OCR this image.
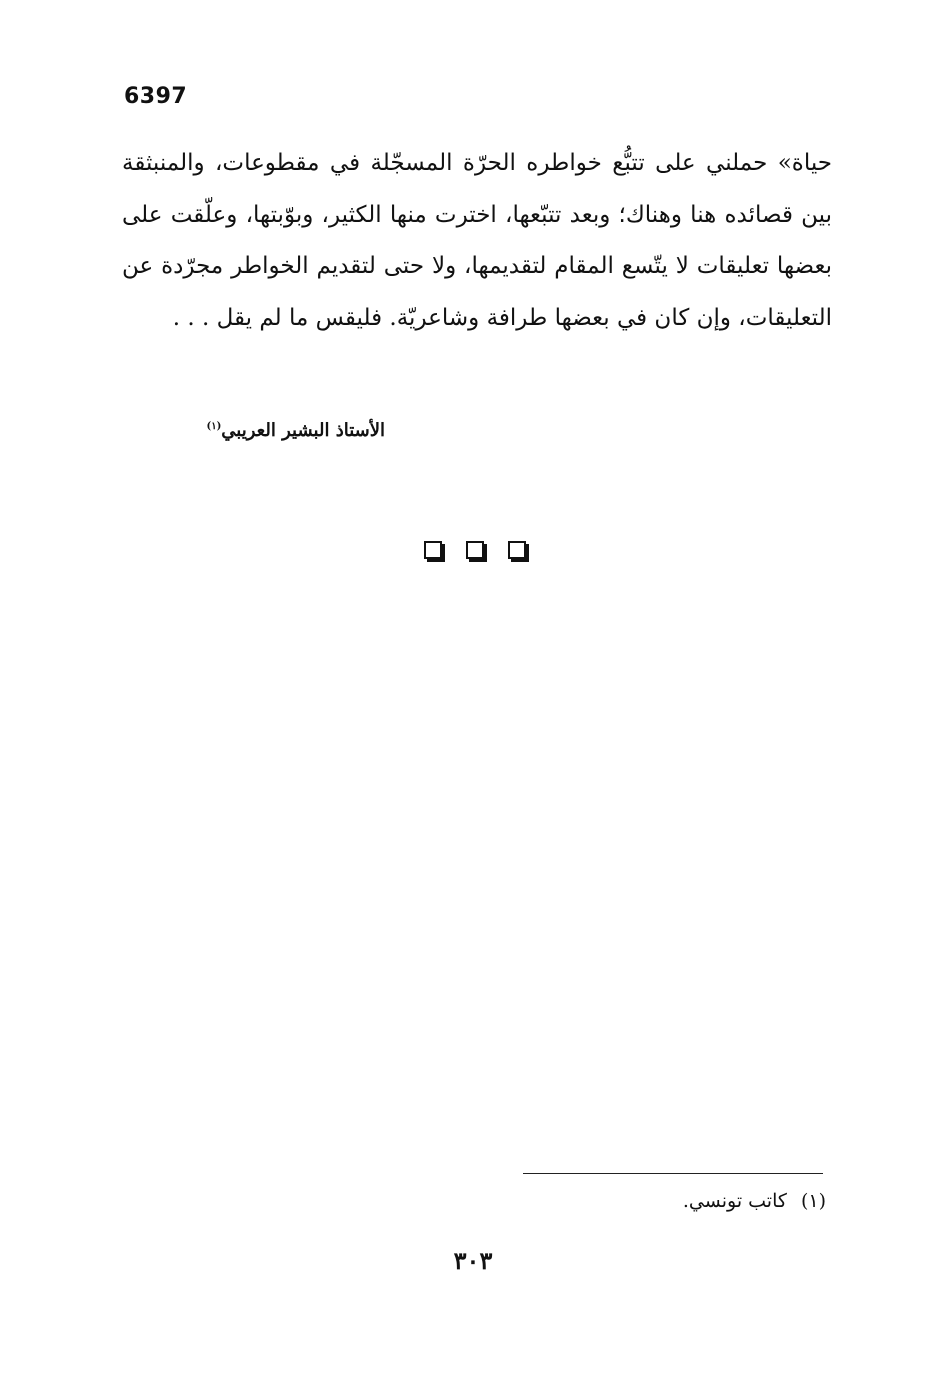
6397

حياة» حملني على تتبُّع خواطره الحرّة المسجّلة في مقطوعات، والمنبثقة بين قصائده هنا وهناك؛ وبعد تتبّعها، اخترت منها الكثير، وبوّبتها، وعلّقت على بعضها تعليقات لا يتّسع المقام لتقديمها، ولا حتى لتقديم الخواطر مجرّدة عن التعليقات، وإن كان في بعضها طرافة وشاعريّة. فليقس ما لم يقل . . .

الأستاذ البشير العريبي$^{(١)}$
(١)كاتب تونسي.
٣٠٣
